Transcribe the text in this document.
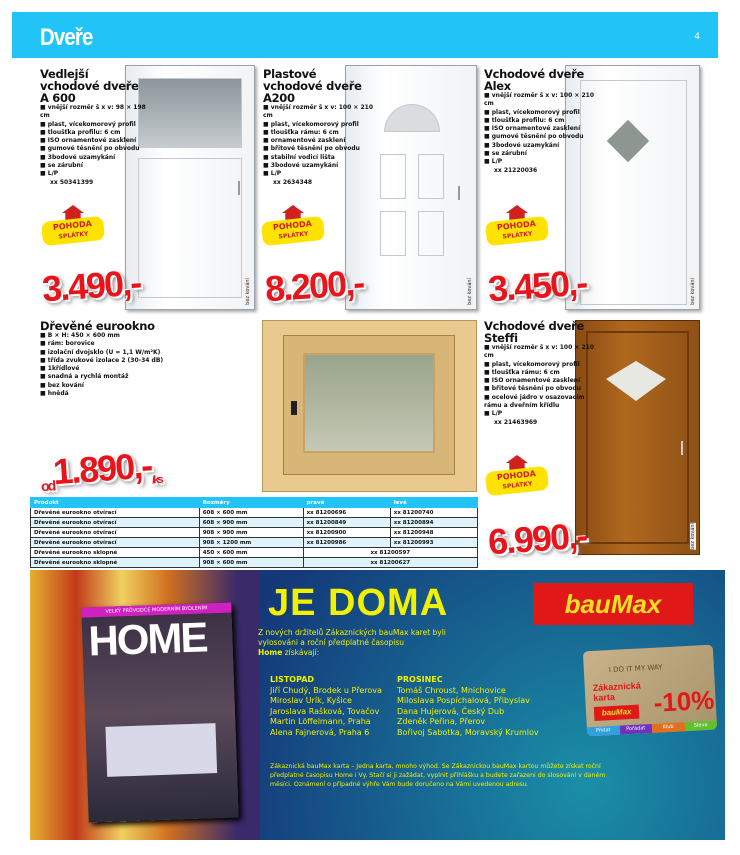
Dveře	4
bez kování
Vedlejší vchodové dveře A 600
■ vnější rozměr š x v: 98 × 198 cm
■ plast, vícekomorový profil
■ tloušťka profilu: 6 cm
■ ISO ornamentové zasklení
■ gumové těsnění po obvodu
■ 3bodové uzamykání
■ se zárubní
■ L/P
xx 50341399
POHODA
SPLÁTKY
3.490,-	bez kování
Plastové vchodové dveře A200
■ vnější rozměr š x v: 100 × 210 cm
■ plast, vícekomorový profil
■ tloušťka rámu: 6 cm
■ ornamentové zasklení
■ břitové těsnění po obvodu
■ stabilní vodicí lišta
■ 3bodové uzamykání
■ L/P
xx 2634348
POHODA
SPLÁTKY
8.200,-	bez kování
Vchodové dveře Alex
■ vnější rozměr š x v: 100 × 210 cm
■ plast, vícekomorový profil
■ tloušťka profilu: 6 cm
■ ISO ornamentové zasklení
■ gumové těsnění po obvodu
■ 3bodové uzamykání
■ se zárubní
■ L/P
xx 21220036
POHODA
SPLÁTKY
3.450,-
Dřevěné eurookno
■ B × H: 450 × 600 mm
■ rám: borovice
■ izolační dvojsklo (U = 1,1 W/m²K)
■ třída zvukové izolace 2 (30-34 dB)
■ 1křídlové
■ snadná a rychlá montáž
■ bez kování
■ hnědá
od
1.890,- /ks
bez kování
Vchodové dveře Steffi
■ vnější rozměr š x v: 100 × 210 cm
■ plast, vícekomorový profil
■ tloušťka rámu: 6 cm
■ ISO ornamentové zasklení
■ břitové těsnění po obvodu
■ ocelové jádro v osazovacím rámu a dveřním křídlu
■ L/P
xx 21463969
POHODA
SPLÁTKY
6.990,-
Produkt	Rozměry	pravé	levé
Dřevěné eurookno otvírací	608 × 600 mm	xx 81200696	xx 81200740
Dřevěné eurookno otvírací	608 × 900 mm	xx 81200849	xx 81200894
Dřevěné eurookno otvírací	908 × 900 mm	xx 81200900	xx 81200948
Dřevěné eurookno otvírací	908 × 1200 mm	xx 81200986	xx 81200993
Dřevěné eurookno sklopné	450 × 600 mm	xx 81200597	
Dřevěné eurookno sklopné	908 × 600 mm	xx 81200627	
VELKÝ PRŮVODCE MODERNÍM BYDLENÍM
HOME
JE DOMA
Z nových držitelů Zákaznických bauMax karet byli vylosováni a roční předplatné časopisu
Home získávají:
LISTOPAD
Jiří Chudý, Brodek u Přerova
Miroslav Urík, Kyšice
Jaroslava Rašková, Tovačov
Martin Löffelmann, Praha
Alena Fajnerová, Praha 6
PROSINEC
Tomáš Chroust, Mnichovice
Miloslava Pospíchalová, Přibyslav
Dana Hujerová, Český Dub
Zdeněk Peřina, Přerov
Bořivoj Sabotka, Moravský Krumlov
Zákaznická bauMax karta – Jedna karta, mnoho výhod. Se Zákaznickou bauMax kartou můžete získat roční předplatné časopisu Home i Vy. Stačí si ji zažádat, vyplnit přihlášku a budete zařazeni do slosování v daném měsíci. Oznámení o případné výhře Vám bude doručeno na Vámi uvedenou adresu.
bauMax
I DO IT MY WAY
Zákaznická karta
bauMax -10%
Přidat	Pořádat	Klub	Sleva
